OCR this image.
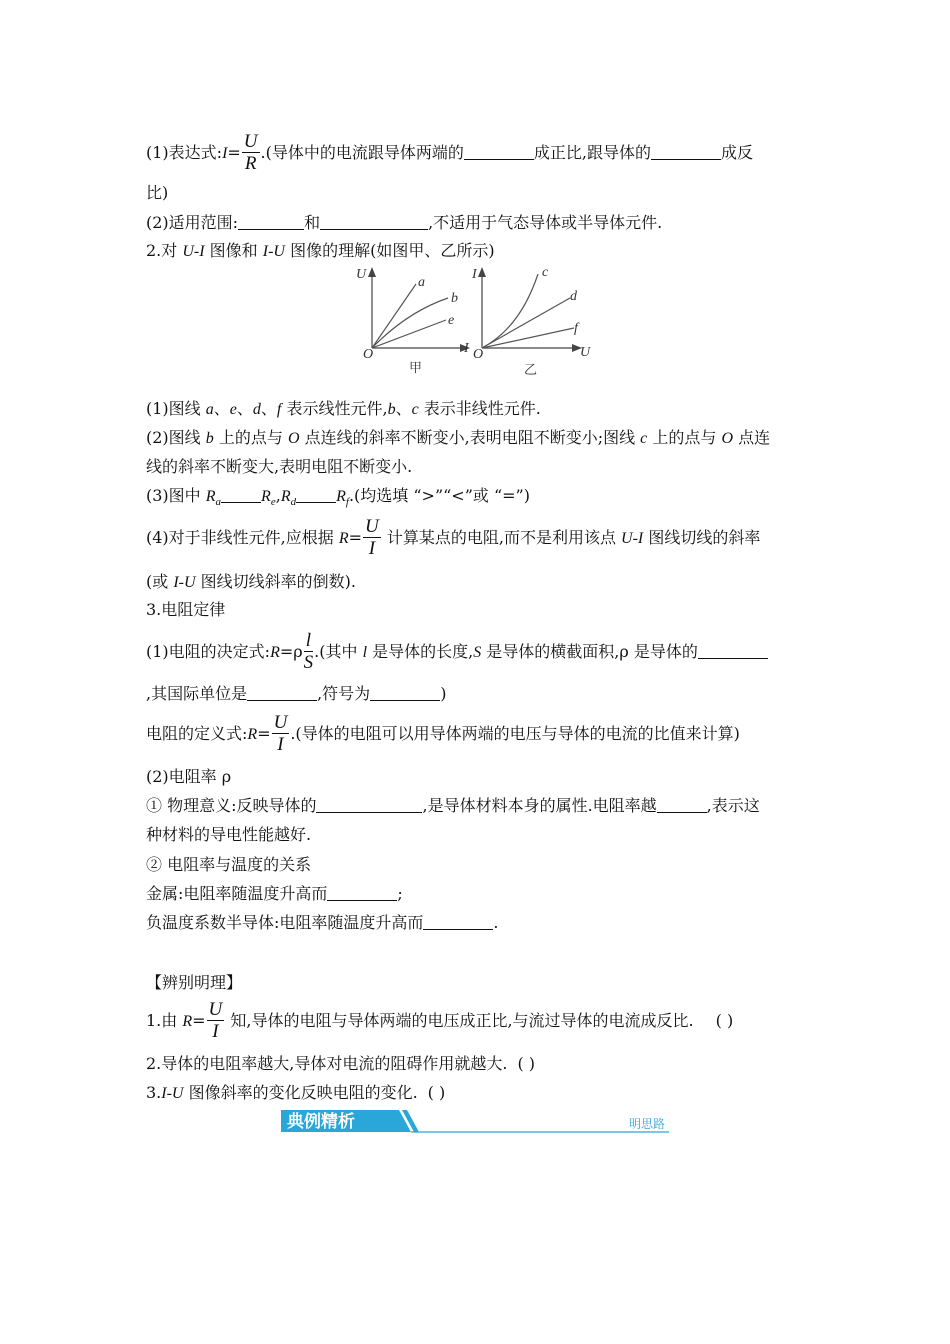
(1)表达式:I= $\frac{U}{R}$ .(导体中的电流跟导体两端的	成正比,跟导体的	成反
比)
(2)适用范围:	和	,不适用于气态导体或半导体元件.
2.对 U-I 图像和 I-U 图像的理解(如图甲、乙所示)
U
I
O
a
b
e
甲
I
U
O
c
d
f
乙
(1)图线 a、e、d、f 表示线性元件,b、c 表示非线性元件.
(2)图线 b 上的点与 O 点连线的斜率不断变小,表明电阻不断变小;图线 c 上的点与 O 点连
线的斜率不断变大,表明电阻不断变小.
(3)图中 $R_a$	$R_e,R_d$	$R_f$.(均选填 “>”“<”或 “=”)
(4)对于非线性元件,应根据 $R= \frac{U}{I}$ 计算某点的电阻,而不是利用该点 U-I 图线切线的斜率
(或 I-U 图线切线斜率的倒数).
3.电阻定律
(1)电阻的决定式:R=ρ $\frac{l}{S}$ .(其中 l 是导体的长度,S 是导体的横截面积,ρ 是导体的
,其国际单位是	,符号为	)
电阻的定义式:R= $\frac{U}{I}$ .(导体的电阻可以用导体两端的电压与导体的电流的比值来计算)
(2)电阻率 ρ
① 物理意义:反映导体的	,是导体材料本身的属性.电阻率越	,表示这
种材料的导电性能越好.
② 电阻率与温度的关系
金属:电阻率随温度升高而	;
负温度系数半导体:电阻率随温度升高而	.
【辨别明理】
1.由 $R= \frac{U}{I}$ 知,导体的电阻与导体两端的电压成正比,与流过导体的电流成反比. ( )
2.导体的电阻率越大,导体对电流的阻碍作用就越大. ( )
3.I-U 图像斜率的变化反映电阻的变化. ( )
典例精析	明思路
